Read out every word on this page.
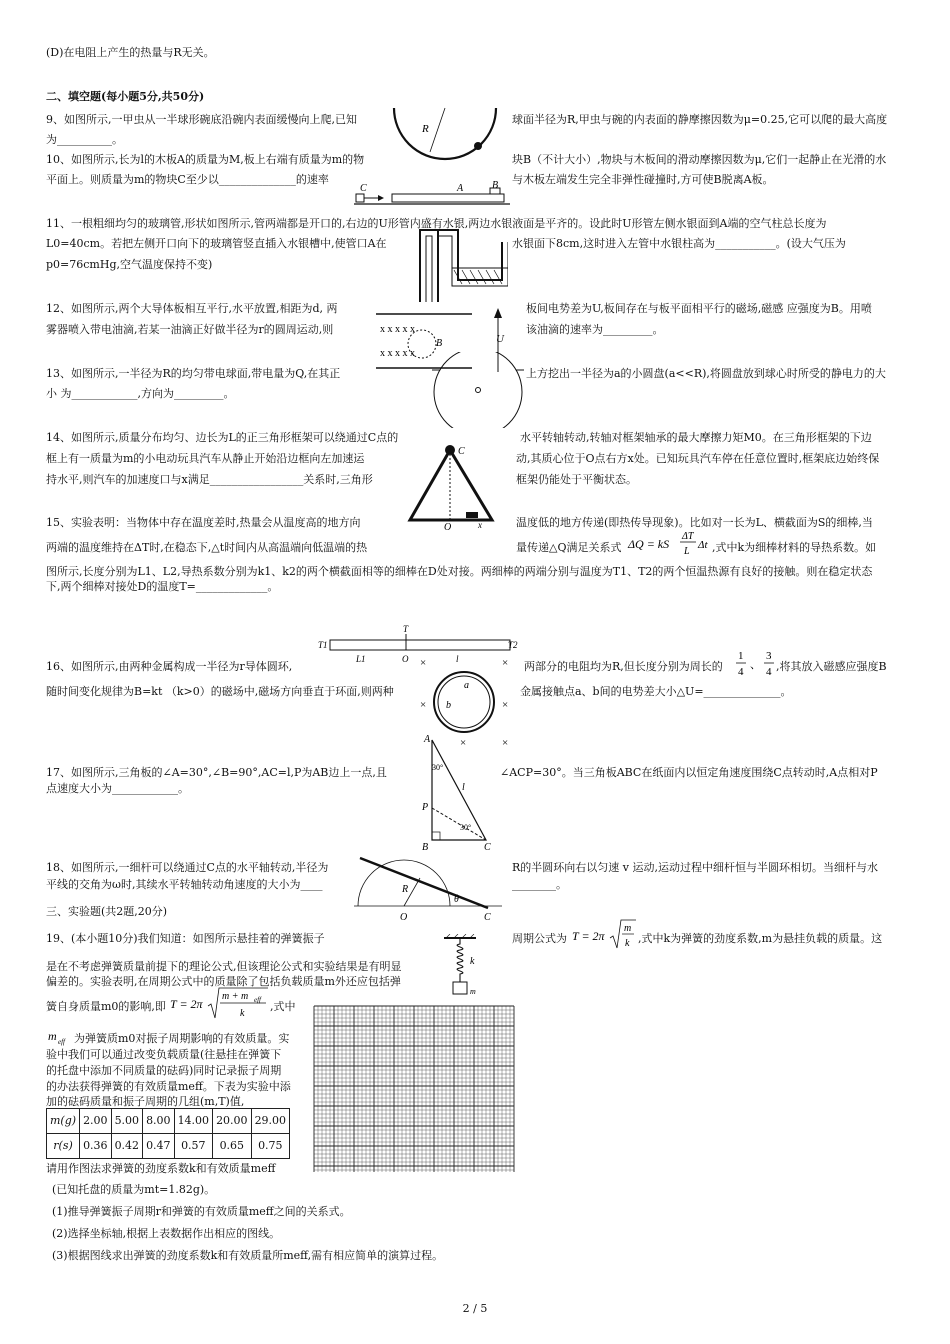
(D)在电阻上产生的热量与R无关。
二、填空题(每小题5分,共50分)
9、如图所示,一甲虫从一半球形碗底沿碗内表面缓慢向上爬,已知	球面半径为R,甲虫与碗的内表面的静摩擦因数为μ=0.25,它可以爬的最大高度
为__________。
10、如图所示,长为l的木板A的质量为M,板上右端有质量为m的物	块B（不计大小）,物块与木板间的滑动摩擦因数为μ,它们一起静止在光滑的水
平面上。则质量为m的物块C至少以______________的速率	与木板左端发生完全非弹性碰撞时,方可使B脱离A板。
11、一根粗细均匀的玻璃管,形状如图所示,管两端都是开口的,右边的U形管内盛有水银,两边水银液面是平齐的。设此时U形管左侧水银面到A端的空气柱总长度为
L0=40cm。若把左侧开口向下的玻璃管竖直插入水银槽中,使管口A在	水银面下8cm,这时进入左管中水银柱高为___________。(设大气压为
p0=76cmHg,空气温度保持不变)
12、如图所示,两个大导体板相互平行,水平放置,相距为d, 两	板间电势差为U,板间存在与板平面相平行的磁场,磁感 应强度为B。用喷
雾器喷入带电油滴,若某一油滴正好做半径为r的圆周运动,则	该油滴的速率为_________。
13、如图所示,一半径为R的均匀带电球面,带电量为Q,在其正	上方挖出一半径为a的小圆盘(a<<R),将圆盘放到球心时所受的静电力的大
小 为____________,方向为_________。
14、如图所示,质量分布均匀、边长为L的正三角形框架可以绕通过C点的	水平转轴转动,转轴对框架轴承的最大摩擦力矩M0。在三角形框架的下边
框上有一质量为m的小电动玩具汽车从静止开始沿边框向左加速运	动,其质心位于O点右方x处。已知玩具汽车停在任意位置时,框架底边始终保
持水平,则汽车的加速度口与x满足_________________关系时,三角形	框架仍能处于平衡状态。
15、实验表明：当物体中存在温度差时,热量会从温度高的地方向	温度低的地方传递(即热传导现象)。比如对一长为L、横截面为S的细棒,当
两端的温度维持在ΔT时,在稳态下,△t时间内从高温端向低温端的热	量传递△Q满足关系式 ΔQ = kS
ΔT
L
Δt ,式中k为细棒材料的导热系数。如
图所示,长度分别为L1、L2,导热系数分别为k1、k2的两个横截面相等的细棒在D处对接。两细棒的两端分别与温度为T1、T2的两个恒温热源有良好的接触。则在稳定状态
下,两个细棒对接处D的温度T=_____________。
16、如图所示,由两种金属构成一半径为r导体圆环,	两部分的电阻均为R,但长度分别为周长的
1
4
、
3
4 ,将其放入磁感应强度B
随时间变化规律为B=kt （k>0）的磁场中,磁场方向垂直于环面,则两种	金属接触点a、b间的电势差大小△U=______________。
17、如图所示,三角板的∠A=30°,∠B=90°,AC=l,P为AB边上一点,且	∠ACP=30°。当三角板ABC在纸面内以恒定角速度围绕C点转动时,A点相对P
点速度大小为____________。
18、如图所示,一细杆可以绕通过C点的水平轴转动,半径为	R的半圆环向右以匀速 v 运动,运动过程中细杆恒与半圆环相切。当细杆与水
平线的交角为ω时,其续水平转轴转动角速度的大小为____	________。
三、实验题(共2题,20分)
19、(本小题10分)我们知道：如图所示悬挂着的弹簧振子	周期公式为 T = 2π
m
k ,式中k为弹簧的劲度系数,m为悬挂负载的质量。这
是在不考虑弹簧质量前提下的理论公式,但该理论公式和实验结果是有明显
偏差的。实验表明,在周期公式中的质量除了包括负载质量m外还应包括弹
簧自身质量m0的影响,即 T = 2π
m + m eff
k
,式中
m eff 为弹簧质m0对振子周期影响的有效质量。实
验中我们可以通过改变负载质量(往悬挂在弹簧下
的托盘中添加不同质量的砝码)同时记录振子周期
的办法获得弹簧的有效质量meff。下表为实验中添
加的砝码质量和振子周期的几组(m,T)值,
m(g)	2.00	5.00	8.00	14.00	20.00	29.00
r(s)	0.36	0.42	0.47	0.57	0.65	0.75
请用作图法求弹簧的劲度系数k和有效质量meff
(已知托盘的质量为mt=1.82g)。
(1)推导弹簧振子周期r和弹簧的有效质量meff之间的关系式。
(2)选择坐标轴,根据上表数据作出相应的图线。
(3)根据图线求出弹簧的劲度系数k和有效质量所meff,需有相应简单的演算过程。
R
C	A	B
x x x x x
x x x x x
B	U
C
O	x
T1
T
T2
L1	O	l
×	×
×	×
×	×
a
b
A
B	C
P
l
30°
30°
R
O	C
θ
k
m
2 / 5
